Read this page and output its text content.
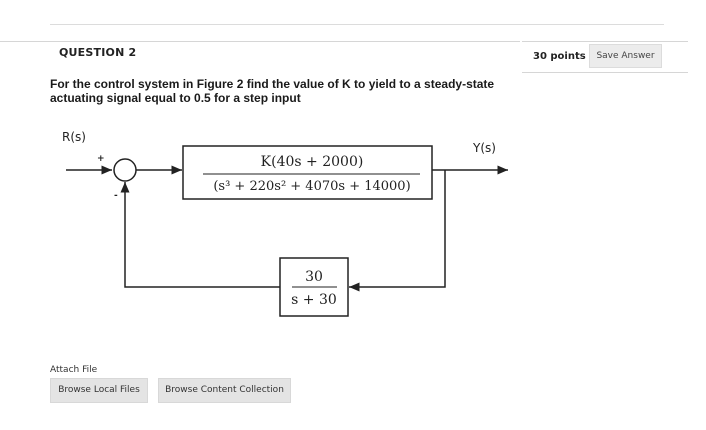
QUESTION 2	30 points	Save Answer
For the control system in Figure 2 find the value of K to yield to a steady-state actuating signal equal to 0.5 for a step input
K(40s + 2000)
(s³ + 220s² + 4070s + 14000)
30
s + 30
R(s)
Y(s)
+
-
Attach File
Browse Local Files	Browse Content Collection
